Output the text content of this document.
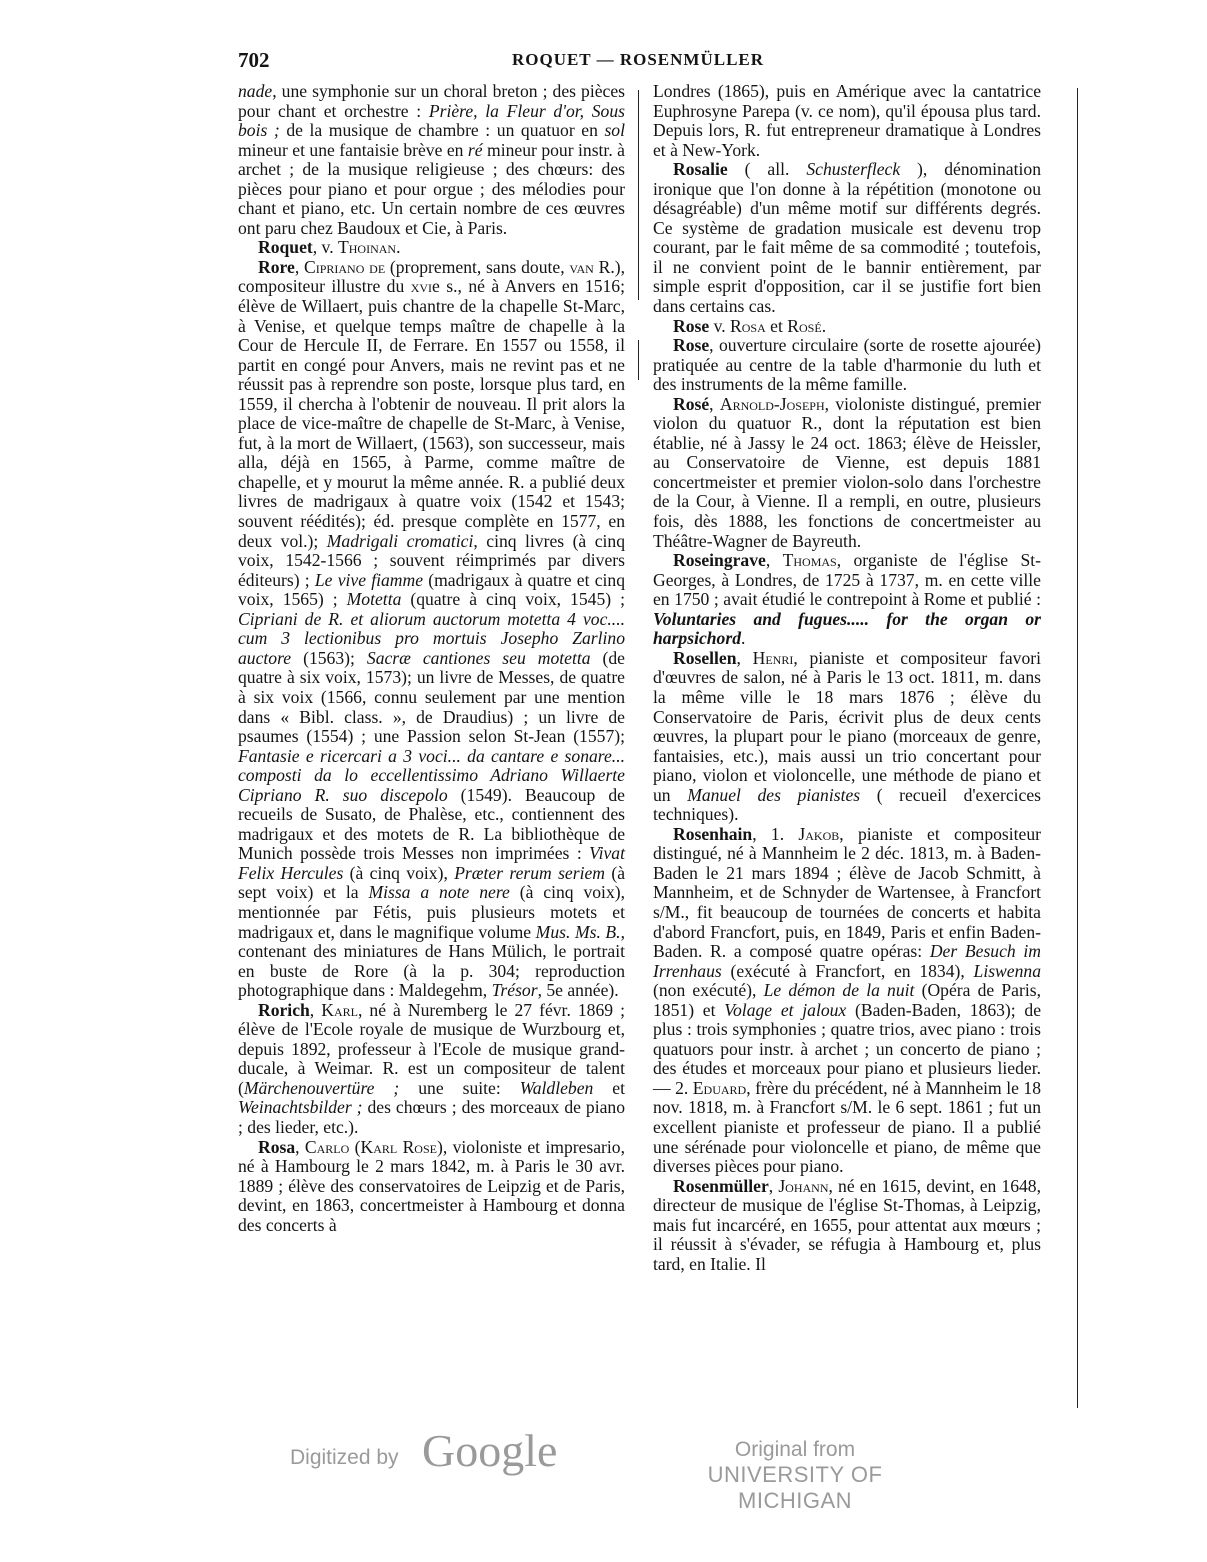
702	ROQUET — ROSENMÜLLER

nade, une symphonie sur un choral breton ; des pièces pour chant et orchestre : Prière, la Fleur d'or, Sous bois ; de la musique de chambre : un quatuor en sol mineur et une fantaisie brève en ré mineur pour instr. à archet ; de la musique religieuse ; des chœurs: des pièces pour piano et pour orgue ; des mélodies pour chant et piano, etc. Un certain nombre de ces œuvres ont paru chez Baudoux et Cie, à Paris.

Roquet, v. Thoinan.

Rore, Cipriano de (proprement, sans doute, van R.), compositeur illustre du xvie s., né à Anvers en 1516; élève de Willaert, puis chantre de la chapelle St-Marc, à Venise, et quelque temps maître de chapelle à la Cour de Hercule II, de Ferrare. En 1557 ou 1558, il partit en congé pour Anvers, mais ne revint pas et ne réussit pas à reprendre son poste, lorsque plus tard, en 1559, il chercha à l'obtenir de nouveau. Il prit alors la place de vice-maître de chapelle de St-Marc, à Venise, fut, à la mort de Willaert, (1563), son successeur, mais alla, déjà en 1565, à Parme, comme maître de chapelle, et y mourut la même année. R. a publié deux livres de madrigaux à quatre voix (1542 et 1543; souvent réédités); éd. presque complète en 1577, en deux vol.); Madrigali cromatici, cinq livres (à cinq voix, 1542-1566 ; souvent réimprimés par divers éditeurs) ; Le vive fiamme (madrigaux à quatre et cinq voix, 1565) ; Motetta (quatre à cinq voix, 1545) ; Cipriani de R. et aliorum auctorum motetta 4 voc.... cum 3 lectionibus pro mortuis Josepho Zarlino auctore (1563); Sacræ cantiones seu motetta (de quatre à six voix, 1573); un livre de Messes, de quatre à six voix (1566, connu seulement par une mention dans « Bibl. class. », de Draudius) ; un livre de psaumes (1554) ; une Passion selon St-Jean (1557); Fantasie e ricercari a 3 voci... da cantare e sonare... composti da lo eccellentissimo Adriano Willaerte Cipriano R. suo discepolo (1549). Beaucoup de recueils de Susato, de Phalèse, etc., contiennent des madrigaux et des motets de R. La bibliothèque de Munich possède trois Messes non imprimées : Vivat Felix Hercules (à cinq voix), Præter rerum seriem (à sept voix) et la Missa a note nere (à cinq voix), mentionnée par Fétis, puis plusieurs motets et madrigaux et, dans le magnifique volume Mus. Ms. B., contenant des miniatures de Hans Mülich, le portrait en buste de Rore (à la p. 304; reproduction photographique dans : Maldegehm, Trésor, 5e année).

Rorich, Karl, né à Nuremberg le 27 févr. 1869 ; élève de l'Ecole royale de musique de Wurzbourg et, depuis 1892, professeur à l'Ecole de musique grand-ducale, à Weimar. R. est un compositeur de talent (Märchenouvertüre ; une suite: Waldleben et Weinachtsbilder ; des chœurs ; des morceaux de piano ; des lieder, etc.).

Rosa, Carlo (Karl Rose), violoniste et impresario, né à Hambourg le 2 mars 1842, m. à Paris le 30 avr. 1889 ; élève des conservatoires de Leipzig et de Paris, devint, en 1863, concertmeister à Hambourg et donna des concerts à

Londres (1865), puis en Amérique avec la cantatrice Euphrosyne Parepa (v. ce nom), qu'il épousa plus tard. Depuis lors, R. fut entrepreneur dramatique à Londres et à New-York.

Rosalie ( all. Schusterfleck ), dénomination ironique que l'on donne à la répétition (monotone ou désagréable) d'un même motif sur différents degrés. Ce système de gradation musicale est devenu trop courant, par le fait même de sa commodité ; toutefois, il ne convient point de le bannir entièrement, par simple esprit d'opposition, car il se justifie fort bien dans certains cas.

Rose v. Rosa et Rosé.

Rose, ouverture circulaire (sorte de rosette ajourée) pratiquée au centre de la table d'harmonie du luth et des instruments de la même famille.

Rosé, Arnold-Joseph, violoniste distingué, premier violon du quatuor R., dont la réputation est bien établie, né à Jassy le 24 oct. 1863; élève de Heissler, au Conservatoire de Vienne, est depuis 1881 concertmeister et premier violon-solo dans l'orchestre de la Cour, à Vienne. Il a rempli, en outre, plusieurs fois, dès 1888, les fonctions de concertmeister au Théâtre-Wagner de Bayreuth.

Roseingrave, Thomas, organiste de l'église St-Georges, à Londres, de 1725 à 1737, m. en cette ville en 1750 ; avait étudié le contrepoint à Rome et publié : Voluntaries and fugues..... for the organ or harpsichord.

Rosellen, Henri, pianiste et compositeur favori d'œuvres de salon, né à Paris le 13 oct. 1811, m. dans la même ville le 18 mars 1876 ; élève du Conservatoire de Paris, écrivit plus de deux cents œuvres, la plupart pour le piano (morceaux de genre, fantaisies, etc.), mais aussi un trio concertant pour piano, violon et violoncelle, une méthode de piano et un Manuel des pianistes ( recueil d'exercices techniques).

Rosenhain, 1. Jakob, pianiste et compositeur distingué, né à Mannheim le 2 déc. 1813, m. à Baden-Baden le 21 mars 1894 ; élève de Jacob Schmitt, à Mannheim, et de Schnyder de Wartensee, à Francfort s/M., fit beaucoup de tournées de concerts et habita d'abord Francfort, puis, en 1849, Paris et enfin Baden-Baden. R. a composé quatre opéras: Der Besuch im Irrenhaus (exécuté à Francfort, en 1834), Liswenna (non exécuté), Le démon de la nuit (Opéra de Paris, 1851) et Volage et jaloux (Baden-Baden, 1863); de plus : trois symphonies ; quatre trios, avec piano : trois quatuors pour instr. à archet ; un concerto de piano ; des études et morceaux pour piano et plusieurs lieder. — 2. Eduard, frère du précédent, né à Mannheim le 18 nov. 1818, m. à Francfort s/M. le 6 sept. 1861 ; fut un excellent pianiste et professeur de piano. Il a publié une sérénade pour violoncelle et piano, de même que diverses pièces pour piano.

Rosenmüller, Johann, né en 1615, devint, en 1648, directeur de musique de l'église St-Thomas, à Leipzig, mais fut incarcéré, en 1655, pour attentat aux mœurs ; il réussit à s'évader, se réfugia à Hambourg et, plus tard, en Italie. Il

Digitized by Google	Original from
UNIVERSITY OF MICHIGAN
